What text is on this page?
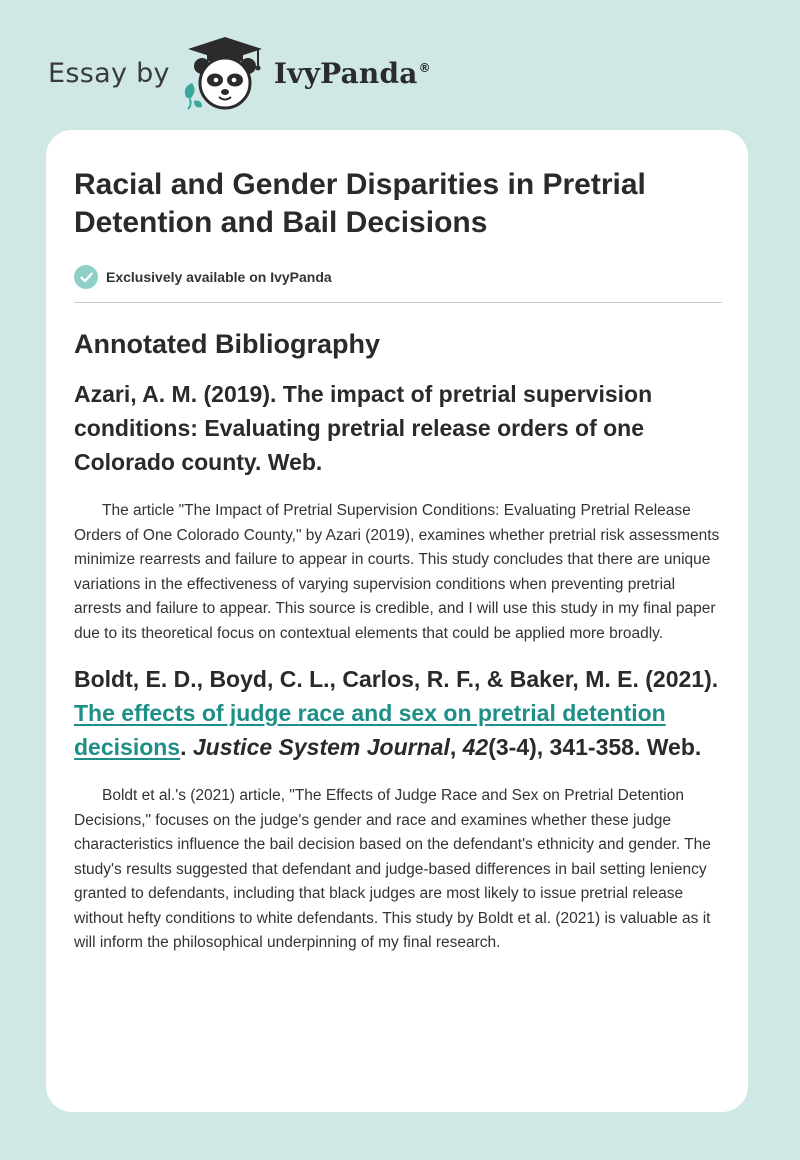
Essay by	IvyPanda®
Racial and Gender Disparities in Pretrial Detention and Bail Decisions
Exclusively available on IvyPanda
Annotated Bibliography
Azari, A. M. (2019). The impact of pretrial supervision conditions: Evaluating pretrial release orders of one Colorado county. Web.

The article "The Impact of Pretrial Supervision Conditions: Evaluating Pretrial Release Orders of One Colorado County," by Azari (2019), examines whether pretrial risk assessments minimize rearrests and failure to appear in courts. This study concludes that there are unique variations in the effectiveness of varying supervision conditions when preventing pretrial arrests and failure to appear. This source is credible, and I will use this study in my final paper due to its theoretical focus on contextual elements that could be applied more broadly.

Boldt, E. D., Boyd, C. L., Carlos, R. F., & Baker, M. E. (2021). The effects of judge race and sex on pretrial detention decisions. Justice System Journal, 42(3-4), 341-358. Web.

Boldt et al.'s (2021) article, "The Effects of Judge Race and Sex on Pretrial Detention Decisions," focuses on the judge's gender and race and examines whether these judge characteristics influence the bail decision based on the defendant's ethnicity and gender. The study's results suggested that defendant and judge-based differences in bail setting leniency granted to defendants, including that black judges are most likely to issue pretrial release without hefty conditions to white defendants. This study by Boldt et al. (2021) is valuable as it will inform the philosophical underpinning of my final research.
